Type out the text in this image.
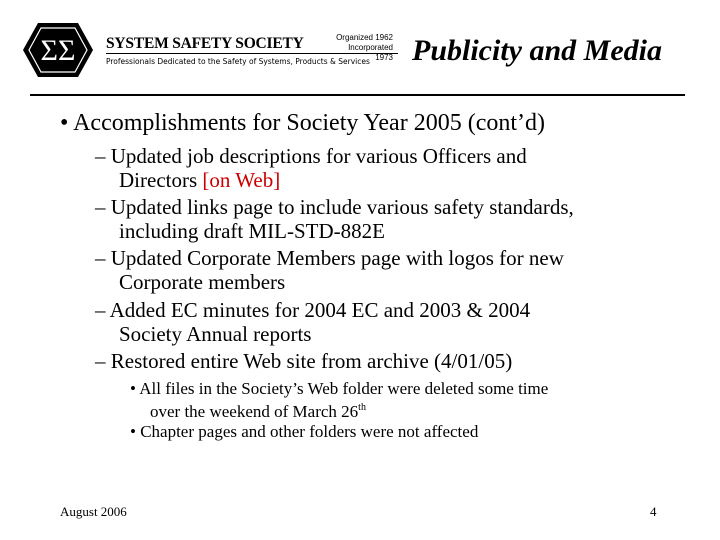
ΣΣ SYSTEM SAFETY SOCIETY
Professionals Dedicated to the Safety of Systems, Products & Services
Organized 1962
Incorporated 1973 Publicity and Media
• Accomplishments for Society Year 2005 (cont’d)
– Updated job descriptions for various Officers and
Directors [on Web]
– Updated links page to include various safety standards,
including draft MIL-STD-882E
– Updated Corporate Members page with logos for new
Corporate members
– Added EC minutes for 2004 EC and 2003 & 2004
Society Annual reports
– Restored entire Web site from archive (4/01/05)
• All files in the Society’s Web folder were deleted some time
over the weekend of March 26th
• Chapter pages and other folders were not affected
August 2006	4
